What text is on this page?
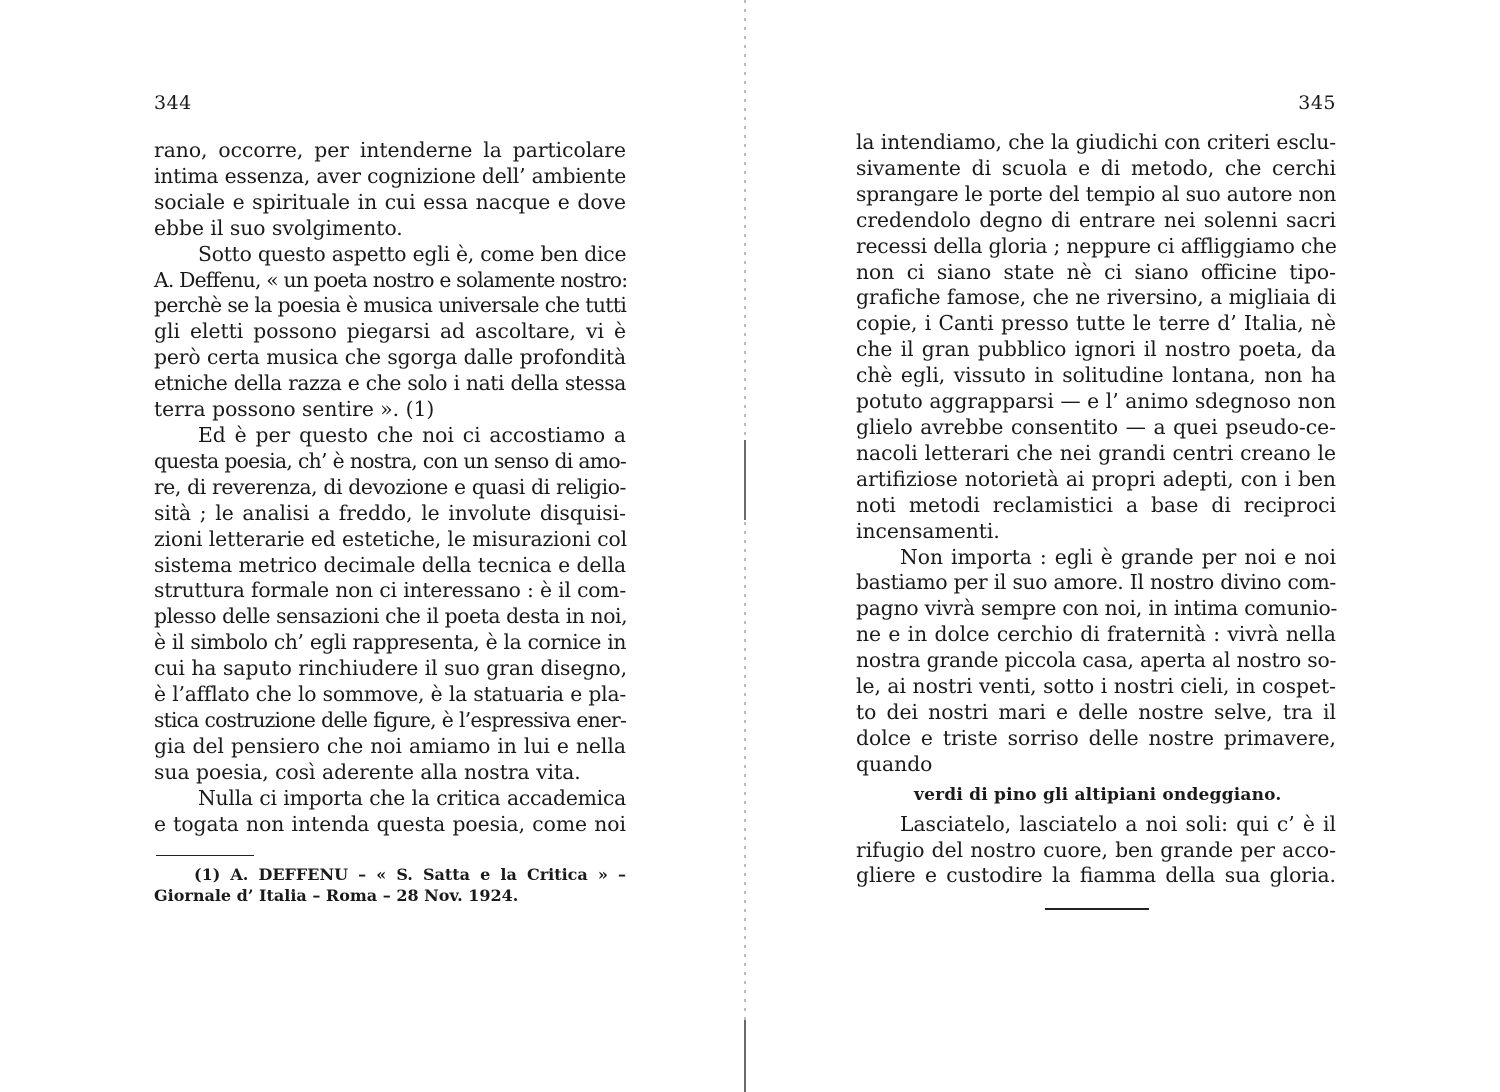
344
rano, occorre, per intenderne la particolare
intima essenza, aver cognizione dell’ ambiente
sociale e spirituale in cui essa nacque e dove
ebbe il suo svolgimento.
Sotto questo aspetto egli è, come ben dice
A. Deffenu, « un poeta nostro e solamente nostro:
perchè se la poesia è musica universale che tutti
gli eletti possono piegarsi ad ascoltare, vi è
però certa musica che sgorga dalle profondità
etniche della razza e che solo i nati della stessa
terra possono sentire ». (1)
Ed è per questo che noi ci accostiamo a
questa poesia, ch’ è nostra, con un senso di amo-
re, di reverenza, di devozione e quasi di religio-
sità ; le analisi a freddo, le involute disquisi-
zioni letterarie ed estetiche, le misurazioni col
sistema metrico decimale della tecnica e della
struttura formale non ci interessano : è il com-
plesso delle sensazioni che il poeta desta in noi,
è il simbolo ch’ egli rappresenta, è la cornice in
cui ha saputo rinchiudere il suo gran disegno,
è l’afflato che lo sommove, è la statuaria e pla-
stica costruzione delle figure, è l’espressiva ener-
gia del pensiero che noi amiamo in lui e nella
sua poesia, così aderente alla nostra vita.
Nulla ci importa che la critica accademica
e togata non intenda questa poesia, come noi
(1) A. DEFFENU – « S. Satta e la Critica » –
Giornale d’ Italia – Roma – 28 Nov. 1924.
345
la intendiamo, che la giudichi con criteri esclu-
sivamente di scuola e di metodo, che cerchi
sprangare le porte del tempio al suo autore non
credendolo degno di entrare nei solenni sacri
recessi della gloria ; neppure ci affliggiamo che
non ci siano state nè ci siano officine tipo-
grafiche famose, che ne riversino, a migliaia di
copie, i Canti presso tutte le terre d’ Italia, nè
che il gran pubblico ignori il nostro poeta, da
chè egli, vissuto in solitudine lontana, non ha
potuto aggrapparsi — e l’ animo sdegnoso non
glielo avrebbe consentito — a quei pseudo-ce-
nacoli letterari che nei grandi centri creano le
artifiziose notorietà ai propri adepti, con i ben
noti metodi reclamistici a base di reciproci
incensamenti.
Non importa : egli è grande per noi e noi
bastiamo per il suo amore. Il nostro divino com-
pagno vivrà sempre con noi, in intima comunio-
ne e in dolce cerchio di fraternità : vivrà nella
nostra grande piccola casa, aperta al nostro so-
le, ai nostri venti, sotto i nostri cieli, in cospet-
to dei nostri mari e delle nostre selve, tra il
dolce e triste sorriso delle nostre primavere,
quando
verdi di pino gli altipiani ondeggiano.
Lasciatelo, lasciatelo a noi soli: qui c’ è il
rifugio del nostro cuore, ben grande per acco-
gliere e custodire la fiamma della sua gloria.
